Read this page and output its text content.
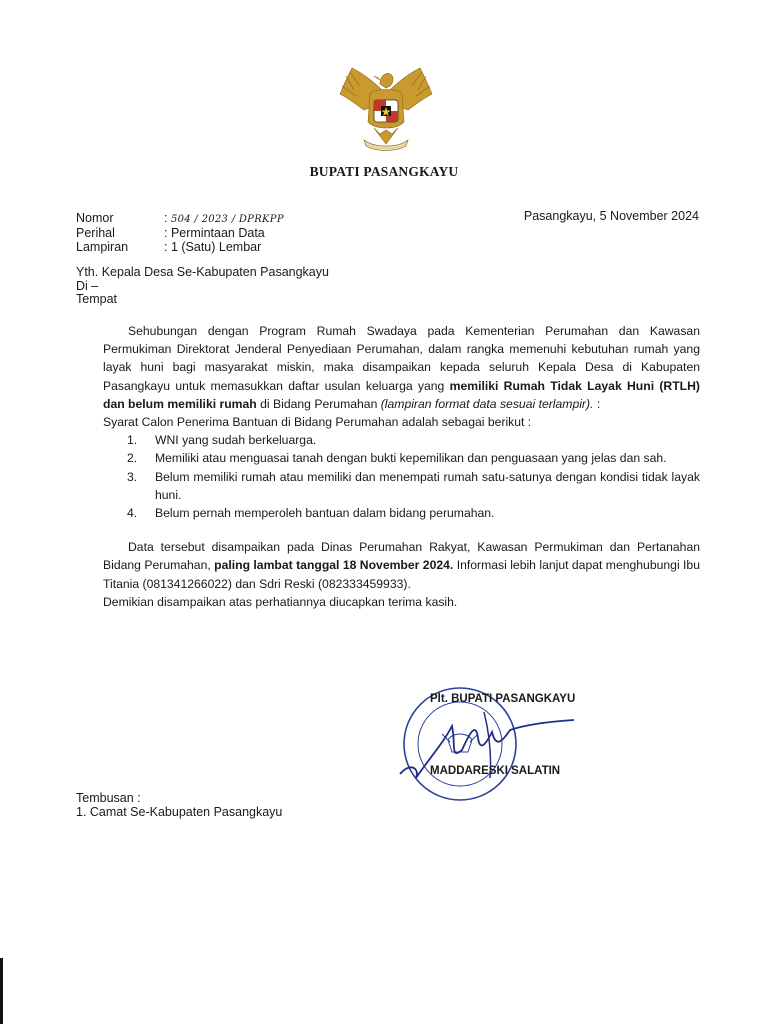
BUPATI PASANGKAYU
Nomor	: 504 / 2023 / DPRKPP
Perihal	: Permintaan Data
Lampiran	: 1 (Satu) Lembar
Pasangkayu, 5 November 2024
Yth. Kepala Desa Se-Kabupaten Pasangkayu
Di –
Tempat

Sehubungan dengan Program Rumah Swadaya pada Kementerian Perumahan dan Kawasan Permukiman Direktorat Jenderal Penyediaan Perumahan, dalam rangka memenuhi kebutuhan rumah yang layak huni bagi masyarakat miskin, maka disampaikan kepada seluruh Kepala Desa di Kabupaten Pasangkayu untuk memasukkan daftar usulan keluarga yang memiliki Rumah Tidak Layak Huni (RTLH) dan belum memiliki rumah di Bidang Perumahan (lampiran format data sesuai terlampir). :

Syarat Calon Penerima Bantuan di Bidang Perumahan adalah sebagai berikut :

1.	WNI yang sudah berkeluarga.
2.	Memiliki atau menguasai tanah dengan bukti kepemilikan dan penguasaan yang jelas dan sah.
3.	Belum memiliki rumah atau memiliki dan menempati rumah satu-satunya dengan kondisi tidak layak huni.
4.	Belum pernah memperoleh bantuan dalam bidang perumahan.

Data tersebut disampaikan pada Dinas Perumahan Rakyat, Kawasan Permukiman dan Pertanahan Bidang Perumahan, paling lambat tanggal 18 November 2024. Informasi lebih lanjut dapat menghubungi Ibu Titania (081341266022) dan Sdri Reski (082333459933).

Demikian disampaikan atas perhatiannya diucapkan terima kasih.

Plt. BUPATI PASANGKAYU
MADDARESKI SALATIN
Tembusan :
1. Camat Se-Kabupaten Pasangkayu
